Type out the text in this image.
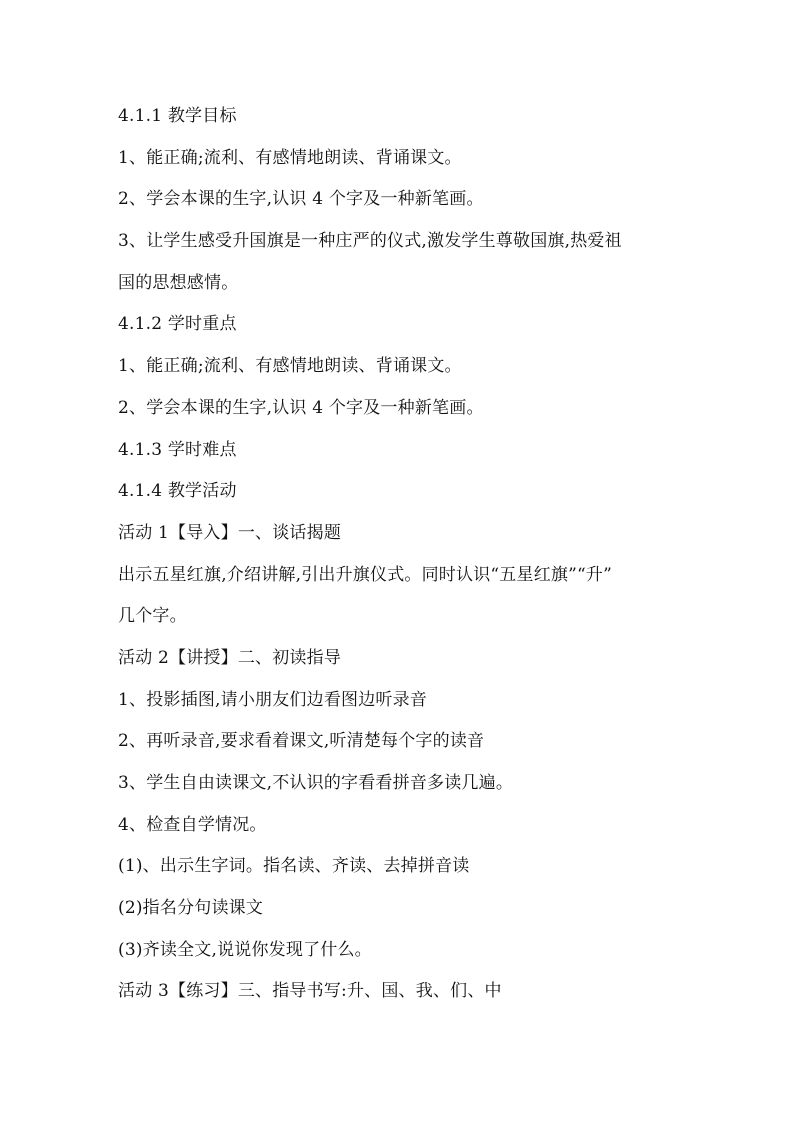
4.1.1 教学目标
1、能正确;流利、有感情地朗读、背诵课文。
2、学会本课的生字,认识 4 个字及一种新笔画。
3、让学生感受升国旗是一种庄严的仪式,激发学生尊敬国旗,热爱祖
国的思想感情。
4.1.2 学时重点
1、能正确;流利、有感情地朗读、背诵课文。
2、学会本课的生字,认识 4 个字及一种新笔画。
4.1.3 学时难点
4.1.4 教学活动
活动 1【导入】一、谈话揭题
出示五星红旗,介绍讲解,引出升旗仪式。同时认识“五星红旗”“升”
几个字。
活动 2【讲授】二、初读指导
1、投影插图,请小朋友们边看图边听录音
2、再听录音,要求看着课文,听清楚每个字的读音
3、学生自由读课文,不认识的字看看拼音多读几遍。
4、检查自学情况。
(1)、出示生字词。指名读、齐读、去掉拼音读
(2)指名分句读课文
(3)齐读全文,说说你发现了什么。
活动 3【练习】三、指导书写:升、国、我、们、中
